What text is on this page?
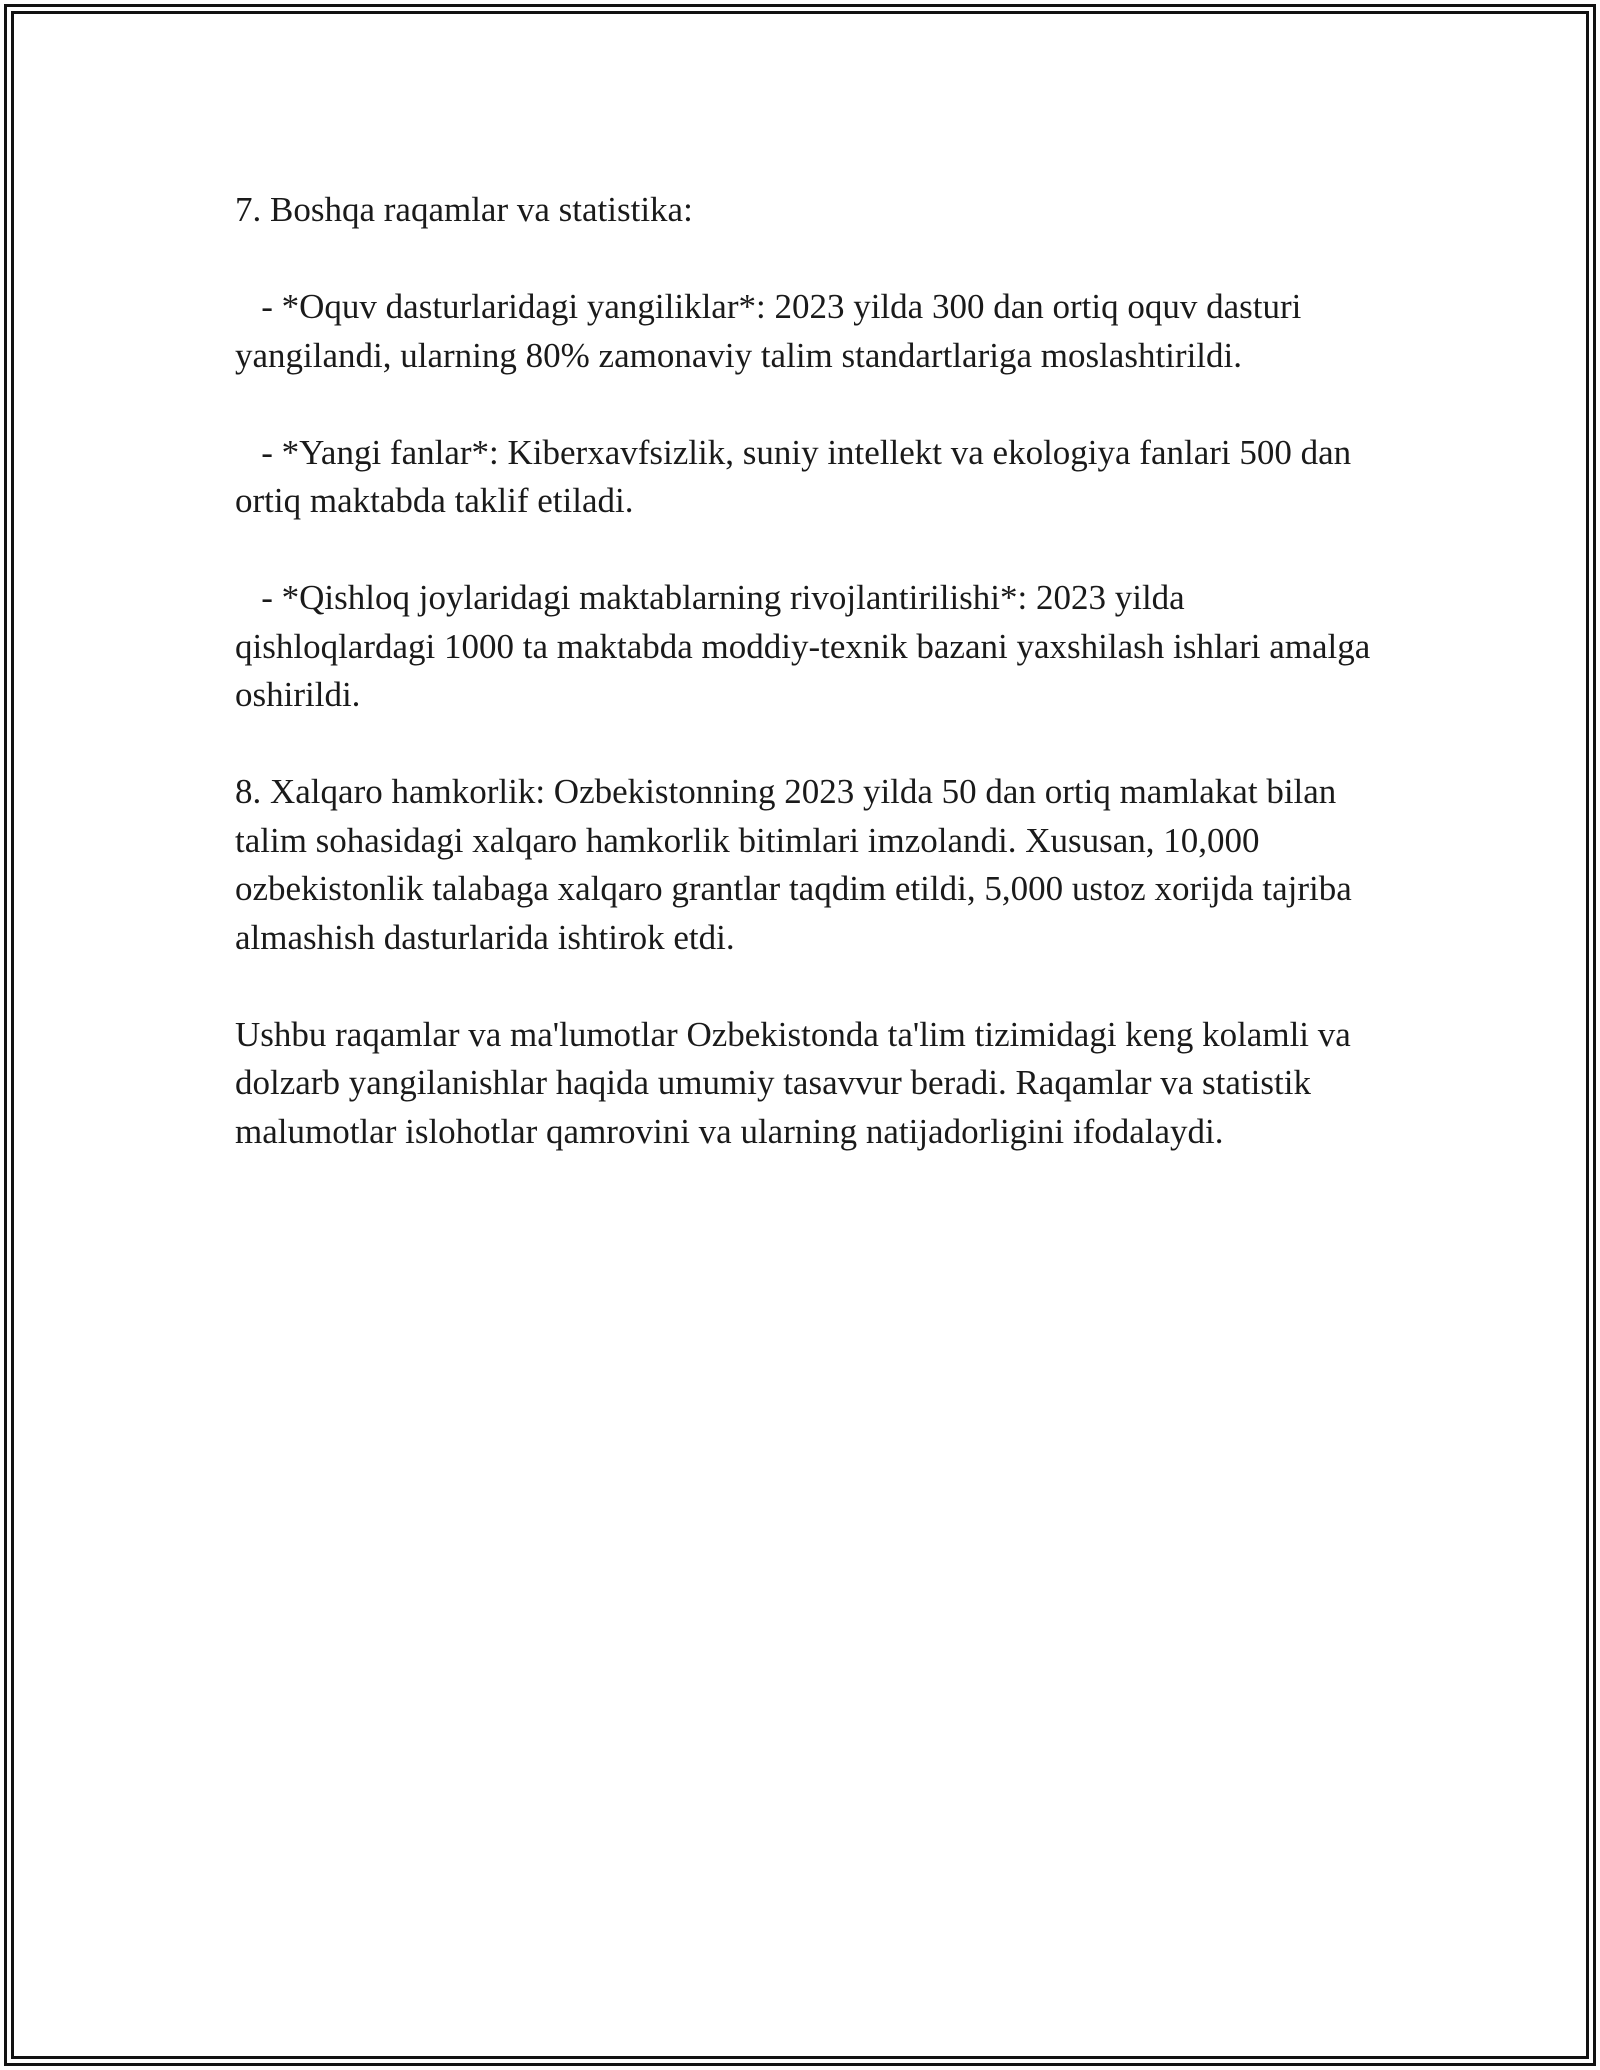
7. Boshqa raqamlar va statistika:

- *Oquv dasturlaridagi yangiliklar*: 2023 yilda 300 dan ortiq oquv dasturi yangilandi, ularning 80% zamonaviy talim standartlariga moslashtirildi.

- *Yangi fanlar*: Kiberxavfsizlik, suniy intellekt va ekologiya fanlari 500 dan ortiq maktabda taklif etiladi.

- *Qishloq joylaridagi maktablarning rivojlantirilishi*: 2023 yilda qishloqlardagi 1000 ta maktabda moddiy-texnik bazani yaxshilash ishlari amalga oshirildi.

8. Xalqaro hamkorlik: Ozbekistonning 2023 yilda 50 dan ortiq mamlakat bilan talim sohasidagi xalqaro hamkorlik bitimlari imzolandi. Xususan, 10,000 ozbekistonlik talabaga xalqaro grantlar taqdim etildi, 5,000 ustoz xorijda tajriba almashish dasturlarida ishtirok etdi.

Ushbu raqamlar va ma'lumotlar Ozbekistonda ta'lim tizimidagi keng kolamli va dolzarb yangilanishlar haqida umumiy tasavvur beradi. Raqamlar va statistik malumotlar islohotlar qamrovini va ularning natijadorligini ifodalaydi.
